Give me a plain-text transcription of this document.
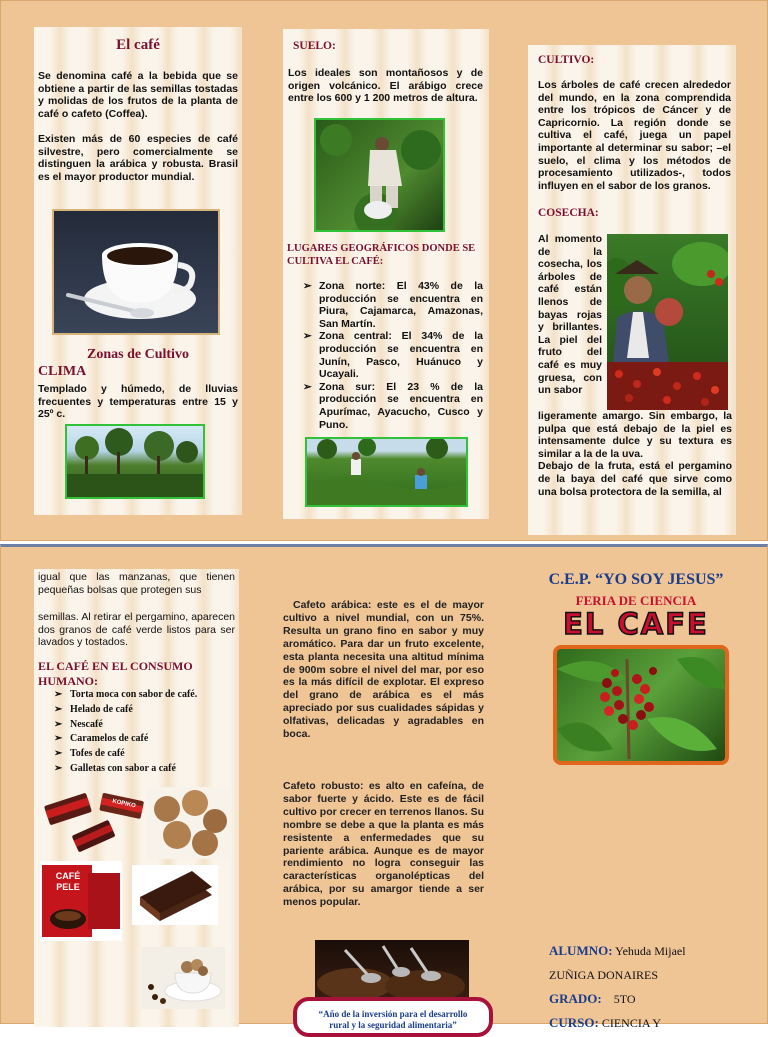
El café

Se denomina café a la bebida que se obtiene a partir de las semillas tostadas y molidas de los frutos de la planta de café o cafeto (Coffea).

Existen más de 60 especies de café silvestre, pero comercialmente se distinguen la arábica y robusta. Brasil es el mayor productor mundial.

Zonas de Cultivo
CLIMA

Templado y húmedo, de lluvias frecuentes y temperaturas entre 15 y 25º c.

SUELO:

Los ideales son montañosos y de origen volcánico. El arábigo crece entre los 600 y 1 200 metros de altura.

LUGARES GEOGRÁFICOS DONDE SE CULTIVA EL CAFÉ:
➢ Zona norte: El 43% de la producción se encuentra en Piura, Cajamarca, Amazonas, San Martín.
➢ Zona central: El 34% de la producción se encuentra en Junín, Pasco, Huánuco y Ucayali.
➢ Zona sur: El 23 % de la producción se encuentra en Apurímac, Ayacucho, Cusco y Puno.
CULTIVO:

Los árboles de café crecen alrededor del mundo, en la zona comprendida entre los trópicos de Cáncer y de Capricornio. La región donde se cultiva el café, juega un papel importante al determinar su sabor; –el suelo, el clima y los métodos de procesamiento utilizados-, todos influyen en el sabor de los granos.

COSECHA:

Al momento de la cosecha, los árboles de café están llenos de bayas rojas y brillantes. La piel del fruto del café es muy gruesa, con un sabor

ligeramente amargo. Sin embargo, la pulpa que está debajo de la piel es intensamente dulce y su textura es similar a la de la uva.
Debajo de la fruta, está el pergamino de la baya del café que sirve como una bolsa protectora de la semilla, al

igual que las manzanas, que tienen pequeñas bolsas que protegen sus

semillas. Al retirar el pergamino, aparecen dos granos de café verde listos para ser lavados y tostados.

EL CAFÉ EN EL CONSUMO HUMANO:
➢ Torta moca con sabor de café.
➢ Helado de café
➢ Nescafé
➢ Caramelos de café
➢ Tofes de café
➢ Galletas con sabor a café
KOPIKO
CAFÉ PELE

Cafeto arábica: este es el de mayor cultivo a nivel mundial, con un 75%. Resulta un grano fino en sabor y muy aromático. Para dar un fruto excelente, esta planta necesita una altitud mínima de 900m sobre el nivel del mar, por eso es la más difícil de explotar. El expreso del grano de arábica es el más apreciado por sus cualidades sápidas y olfativas, delicadas y agradables en boca.

Cafeto robusto: es alto en cafeína, de sabor fuerte y ácido. Este es de fácil cultivo por crecer en terrenos llanos. Su nombre se debe a que la planta es más resistente a enfermedades que su pariente arábica. Aunque es de mayor rendimiento no logra conseguir las características organolépticas del arábica, por su amargor tiende a ser menos popular.

“Año de la inversión para el desarrollo rural y la seguridad alimentaria”
C.E.P. “YO SOY JESUS”
FERIA DE CIENCIA
EL CAFE
ALUMNO: Yehuda Mijael
ZUÑIGA DONAIRES
GRADO: 5TO
CURSO: CIENCIA Y
